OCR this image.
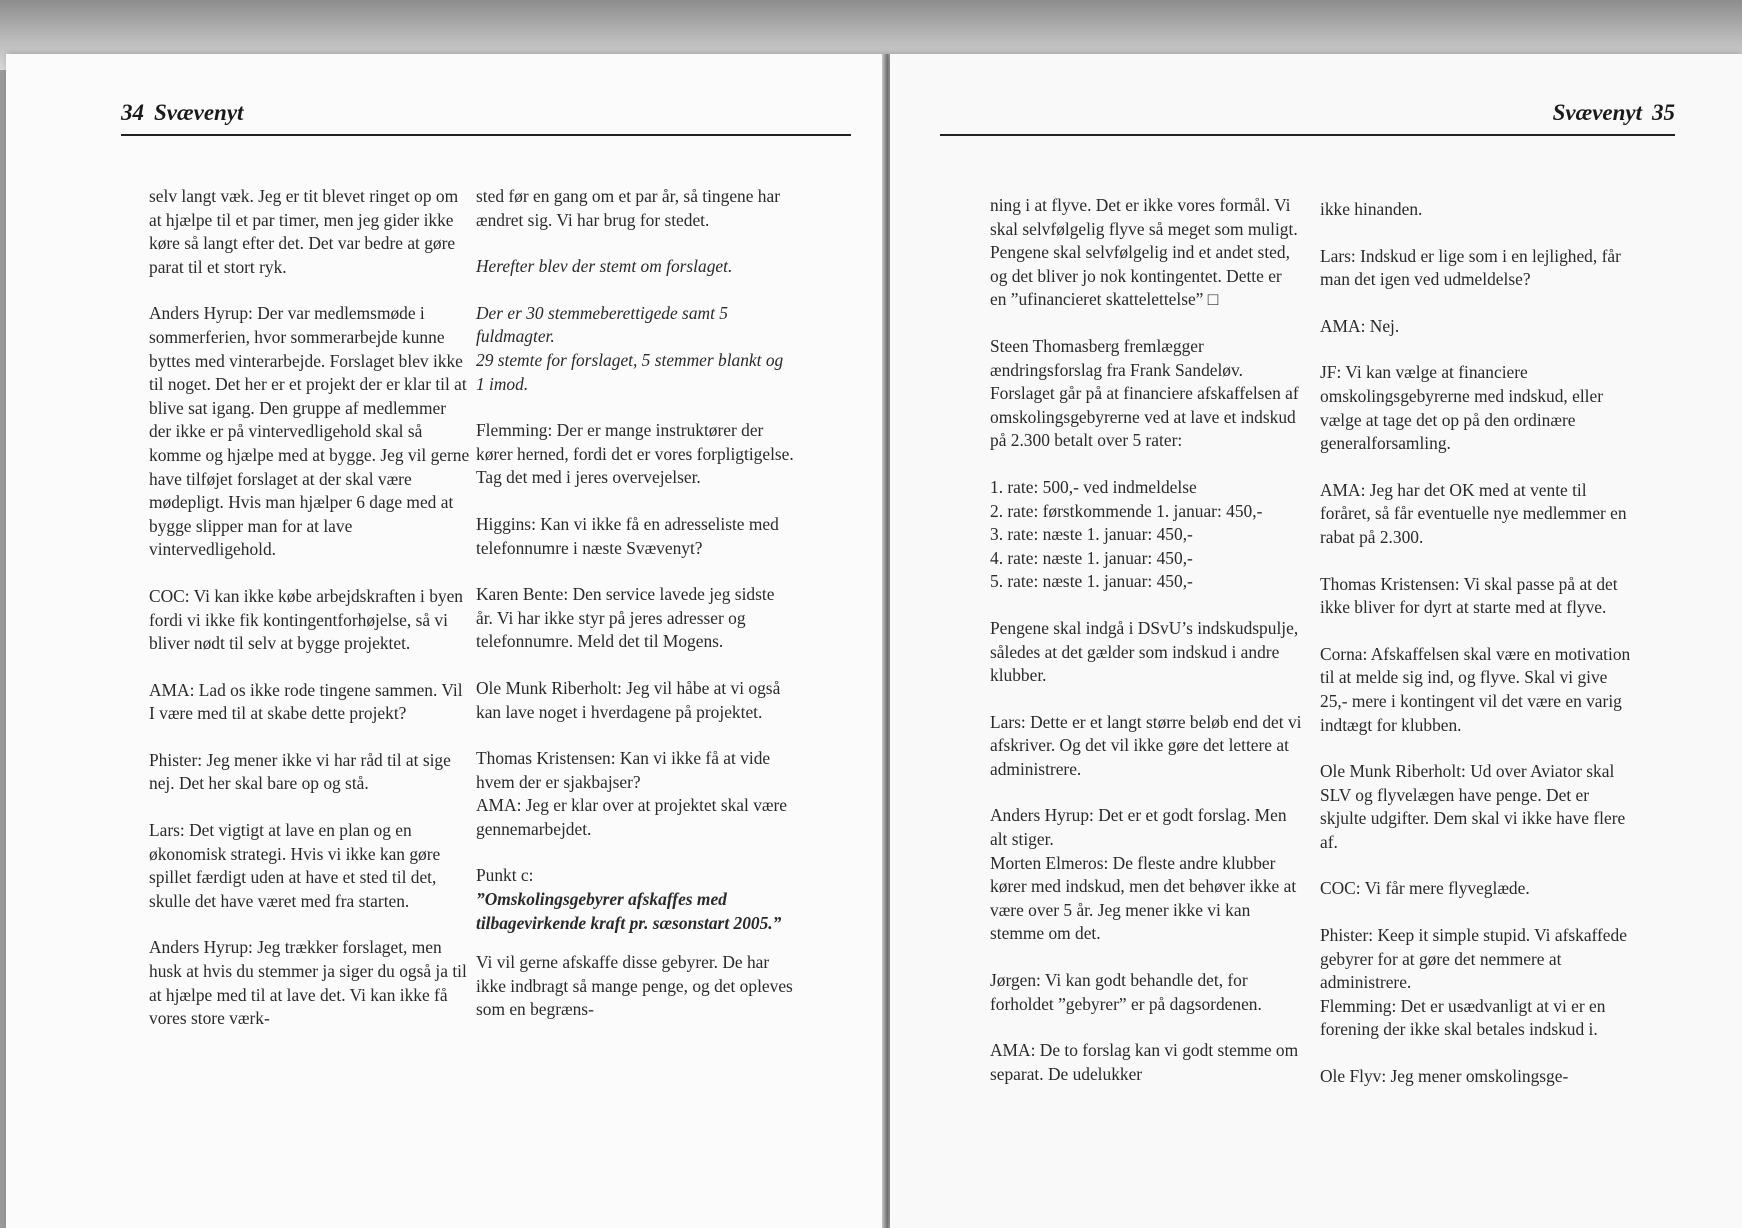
34 Svævenyt

selv langt væk. Jeg er tit blevet ringet op om at hjælpe til et par timer, men jeg gider ikke køre så langt efter det. Det var bedre at gøre parat til et stort ryk.

Anders Hyrup: Der var medlemsmøde i sommerferien, hvor sommerarbejde kunne byttes med vinterarbejde. Forslaget blev ikke til noget. Det her er et projekt der er klar til at blive sat igang. Den gruppe af medlemmer der ikke er på vintervedligehold skal så komme og hjælpe med at bygge. Jeg vil gerne have tilføjet forslaget at der skal være mødepligt. Hvis man hjælper 6 dage med at bygge slipper man for at lave vintervedligehold.

COC: Vi kan ikke købe arbejdskraften i byen fordi vi ikke fik kontingentforhøjelse, så vi bliver nødt til selv at bygge projektet.

AMA: Lad os ikke rode tingene sammen. Vil I være med til at skabe dette projekt?

Phister: Jeg mener ikke vi har råd til at sige nej. Det her skal bare op og stå.

Lars: Det vigtigt at lave en plan og en økonomisk strategi. Hvis vi ikke kan gøre spillet færdigt uden at have et sted til det, skulle det have været med fra starten.

Anders Hyrup: Jeg trækker forslaget, men husk at hvis du stemmer ja siger du også ja til at hjælpe med til at lave det. Vi kan ikke få vores store værk-

sted før en gang om et par år, så tingene har ændret sig. Vi har brug for stedet.

Herefter blev der stemt om forslaget.

Der er 30 stemmeberettigede samt 5 fuldmagter.

29 stemte for forslaget, 5 stemmer blankt og 1 imod.

Flemming: Der er mange instruktører der kører herned, fordi det er vores forpligtigelse. Tag det med i jeres overvejelser.

Higgins: Kan vi ikke få en adresseliste med telefonnumre i næste Svævenyt?

Karen Bente: Den service lavede jeg sidste år. Vi har ikke styr på jeres adresser og telefonnumre. Meld det til Mogens.

Ole Munk Riberholt: Jeg vil håbe at vi også kan lave noget i hverdagene på projektet.

Thomas Kristensen: Kan vi ikke få at vide hvem der er sjakbajser?

AMA: Jeg er klar over at projektet skal være gennemarbejdet.

Punkt c:

”Omskolingsgebyrer afskaffes med tilbagevirkende kraft pr. sæsonstart 2005.”

Vi vil gerne afskaffe disse gebyrer. De har ikke indbragt så mange penge, og det opleves som en begræns-

Svævenyt 35

ning i at flyve. Det er ikke vores formål. Vi skal selvfølgelig flyve så meget som muligt. Pengene skal selvfølgelig ind et andet sted, og det bliver jo nok kontingentet. Dette er en ”ufinancieret skattelettelse” □

Steen Thomasberg fremlægger ændringsforslag fra Frank Sandeløv. Forslaget går på at financiere afskaffelsen af omskolingsgebyrerne ved at lave et indskud på 2.300 betalt over 5 rater:

1. rate: 500,- ved indmeldelse

2. rate: førstkommende 1. januar: 450,-

3. rate: næste 1. januar: 450,-

4. rate: næste 1. januar: 450,-

5. rate: næste 1. januar: 450,-

Pengene skal indgå i DSvU’s indskudspulje, således at det gælder som indskud i andre klubber.

Lars: Dette er et langt større beløb end det vi afskriver. Og det vil ikke gøre det lettere at administrere.

Anders Hyrup: Det er et godt forslag. Men alt stiger.

Morten Elmeros: De fleste andre klubber kører med indskud, men det behøver ikke at være over 5 år. Jeg mener ikke vi kan stemme om det.

Jørgen: Vi kan godt behandle det, for forholdet ”gebyrer” er på dagsordenen.

AMA: De to forslag kan vi godt stemme om separat. De udelukker

ikke hinanden.

Lars: Indskud er lige som i en lejlighed, får man det igen ved udmeldelse?

AMA: Nej.

JF: Vi kan vælge at financiere omskolingsgebyrerne med indskud, eller vælge at tage det op på den ordinære generalforsamling.

AMA: Jeg har det OK med at vente til foråret, så får eventuelle nye medlemmer en rabat på 2.300.

Thomas Kristensen: Vi skal passe på at det ikke bliver for dyrt at starte med at flyve.

Corna: Afskaffelsen skal være en motivation til at melde sig ind, og flyve. Skal vi give 25,- mere i kontingent vil det være en varig indtægt for klubben.

Ole Munk Riberholt: Ud over Aviator skal SLV og flyvelægen have penge. Det er skjulte udgifter. Dem skal vi ikke have flere af.

COC: Vi får mere flyveglæde.

Phister: Keep it simple stupid. Vi afskaffede gebyrer for at gøre det nemmere at administrere.

Flemming: Det er usædvanligt at vi er en forening der ikke skal betales indskud i.

Ole Flyv: Jeg mener omskolingsge-
